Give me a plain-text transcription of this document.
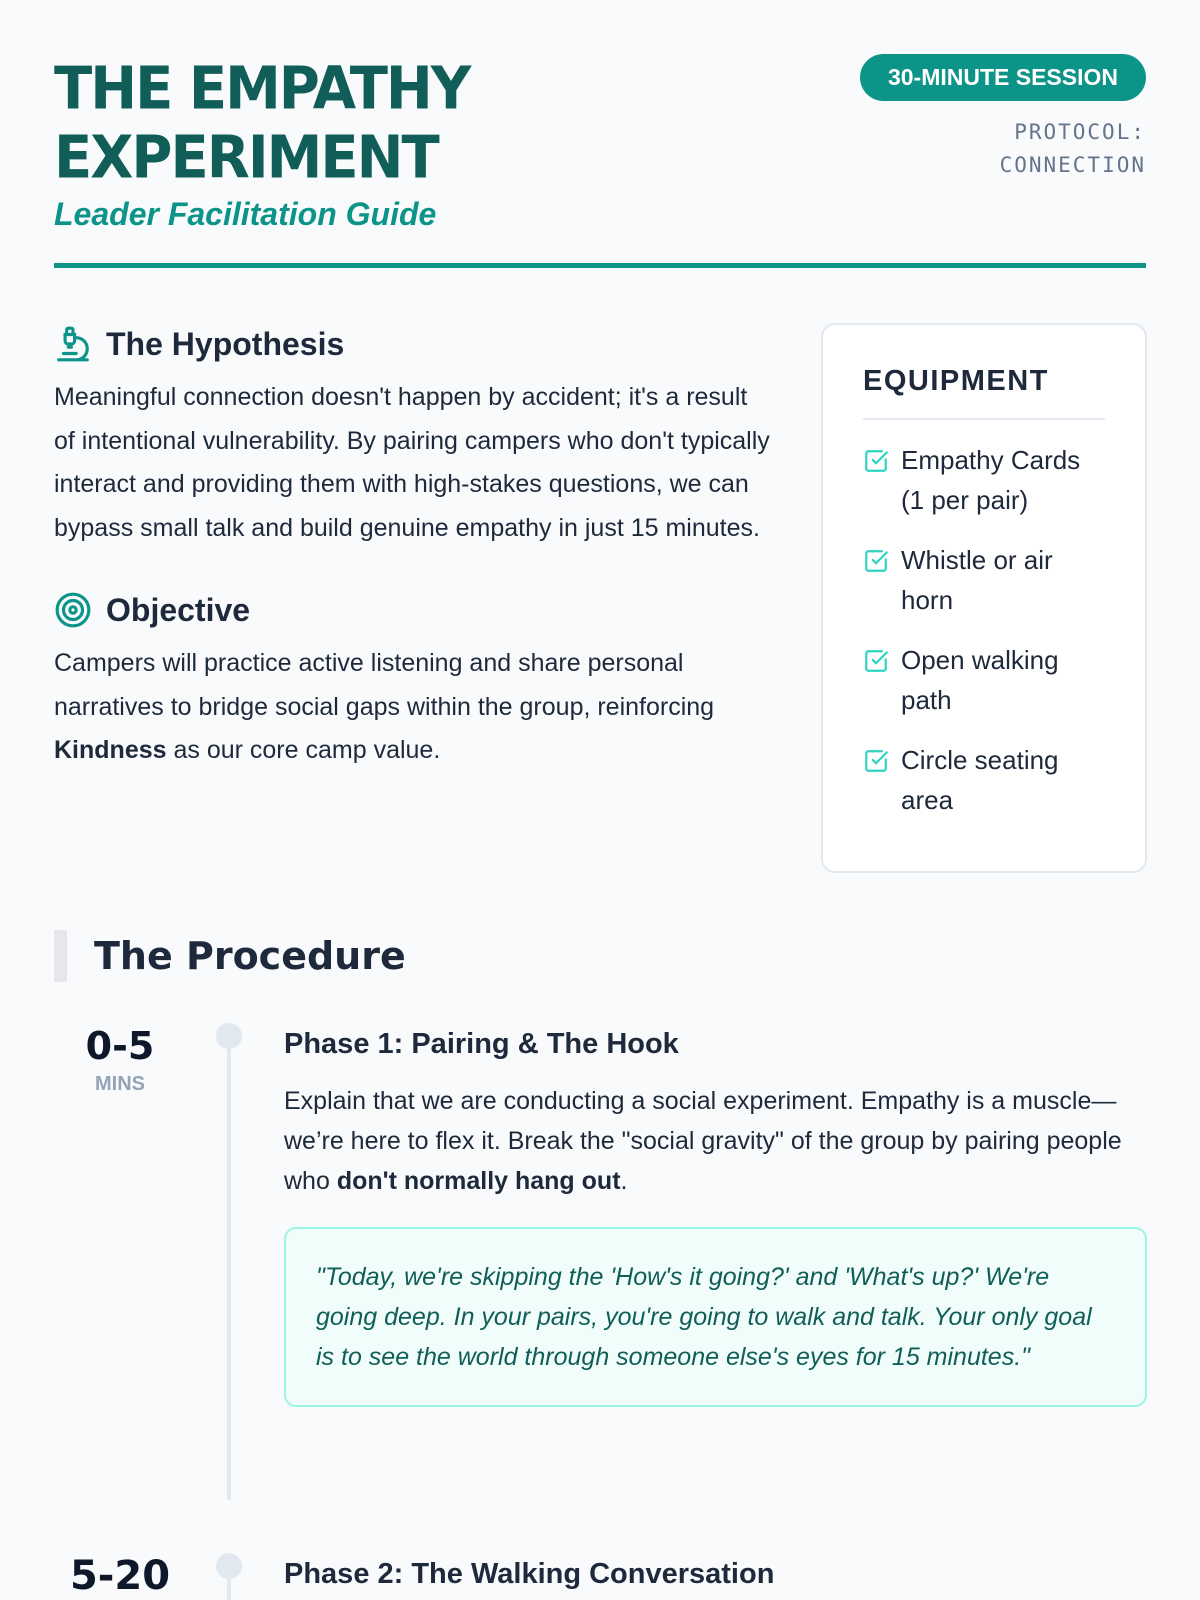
THE EMPATHY
EXPERIMENT
Leader Facilitation Guide
30-MINUTE SESSION
PROTOCOL:
CONNECTION
The Hypothesis

Meaningful connection doesn't happen by accident; it's a result of intentional vulnerability. By pairing campers who don't typically interact and providing them with high-stakes questions, we can bypass small talk and build genuine empathy in just 15 minutes.

Objective

Campers will practice active listening and share personal narratives to bridge social gaps within the group, reinforcing Kindness as our core camp value.

EQUIPMENT
Empathy Cards (1 per pair)
Whistle or air horn
Open walking path
Circle seating area
The Procedure
0-5
MINS
Phase 1: Pairing & The Hook

Explain that we are conducting a social experiment. Empathy is a muscle—we’re here to flex it. Break the "social gravity" of the group by pairing people who don't normally hang out.

"Today, we're skipping the 'How's it going?' and 'What's up?' We're going deep. In your pairs, you're going to walk and talk. Your only goal is to see the world through someone else's eyes for 15 minutes."
5-20	Phase 2: The Walking Conversation
